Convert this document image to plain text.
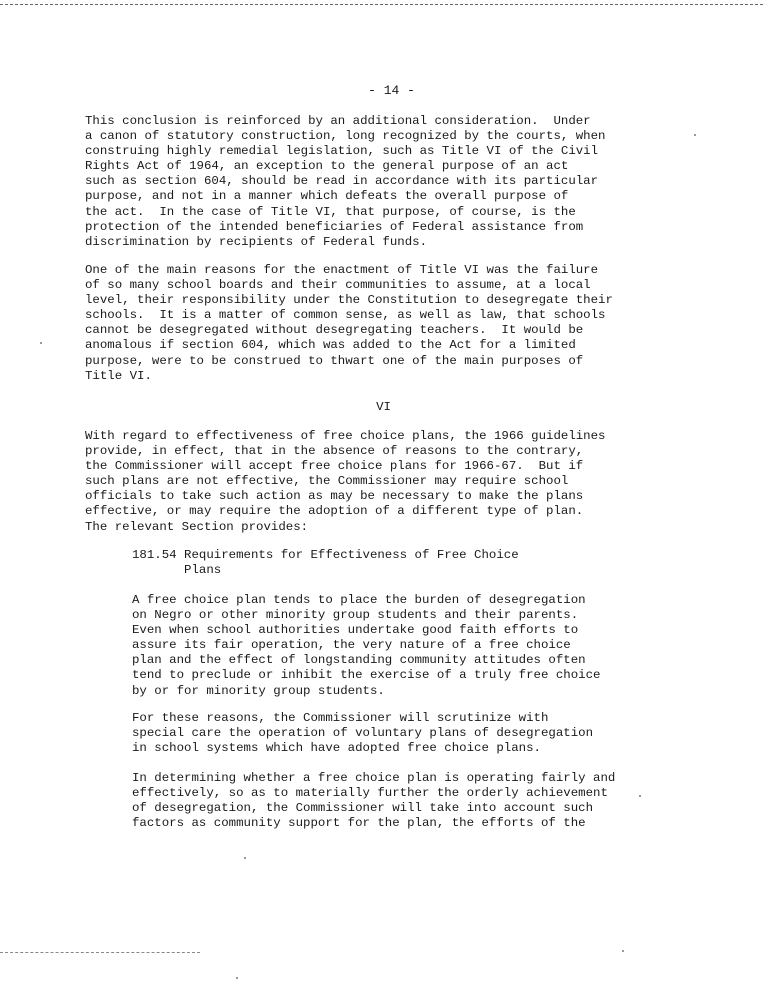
- 14 -
This conclusion is reinforced by an additional consideration.  Under
a canon of statutory construction, long recognized by the courts, when
construing highly remedial legislation, such as Title VI of the Civil
Rights Act of 1964, an exception to the general purpose of an act
such as section 604, should be read in accordance with its particular
purpose, and not in a manner which defeats the overall purpose of
the act.  In the case of Title VI, that purpose, of course, is the
protection of the intended beneficiaries of Federal assistance from
discrimination by recipients of Federal funds.
One of the main reasons for the enactment of Title VI was the failure
of so many school boards and their communities to assume, at a local
level, their responsibility under the Constitution to desegregate their
schools.  It is a matter of common sense, as well as law, that schools
cannot be desegregated without desegregating teachers.  It would be
anomalous if section 604, which was added to the Act for a limited
purpose, were to be construed to thwart one of the main purposes of
Title VI.
VI
With regard to effectiveness of free choice plans, the 1966 guidelines
provide, in effect, that in the absence of reasons to the contrary,
the Commissioner will accept free choice plans for 1966-67.  But if
such plans are not effective, the Commissioner may require school
officials to take such action as may be necessary to make the plans
effective, or may require the adoption of a different type of plan.
The relevant Section provides:
181.54 Requirements for Effectiveness of Free Choice
Plans
A free choice plan tends to place the burden of desegregation
on Negro or other minority group students and their parents.
Even when school authorities undertake good faith efforts to
assure its fair operation, the very nature of a free choice
plan and the effect of longstanding community attitudes often
tend to preclude or inhibit the exercise of a truly free choice
by or for minority group students.
For these reasons, the Commissioner will scrutinize with
special care the operation of voluntary plans of desegregation
in school systems which have adopted free choice plans.
In determining whether a free choice plan is operating fairly and
effectively, so as to materially further the orderly achievement
of desegregation, the Commissioner will take into account such
factors as community support for the plan, the efforts of the
